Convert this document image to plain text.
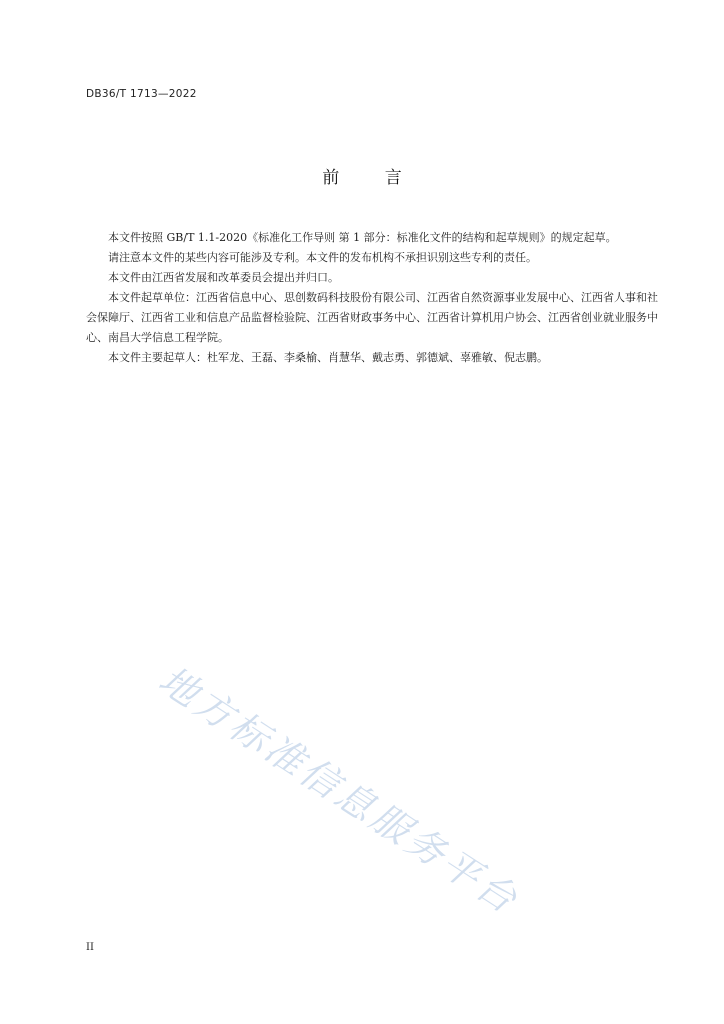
DB36/T 1713—2022
前 言

本文件按照 GB/T 1.1-2020《标准化工作导则 第 1 部分：标准化文件的结构和起草规则》的规定起草。

请注意本文件的某些内容可能涉及专利。本文件的发布机构不承担识别这些专利的责任。

本文件由江西省发展和改革委员会提出并归口。

本文件起草单位：江西省信息中心、思创数码科技股份有限公司、江西省自然资源事业发展中心、江西省人事和社会保障厅、江西省工业和信息产品监督检验院、江西省财政事务中心、江西省计算机用户协会、江西省创业就业服务中心、南昌大学信息工程学院。

本文件主要起草人：杜军龙、王磊、李桑榆、肖慧华、戴志勇、郭德斌、辜雅敏、倪志鹏。

地方标准信息服务平台
II
